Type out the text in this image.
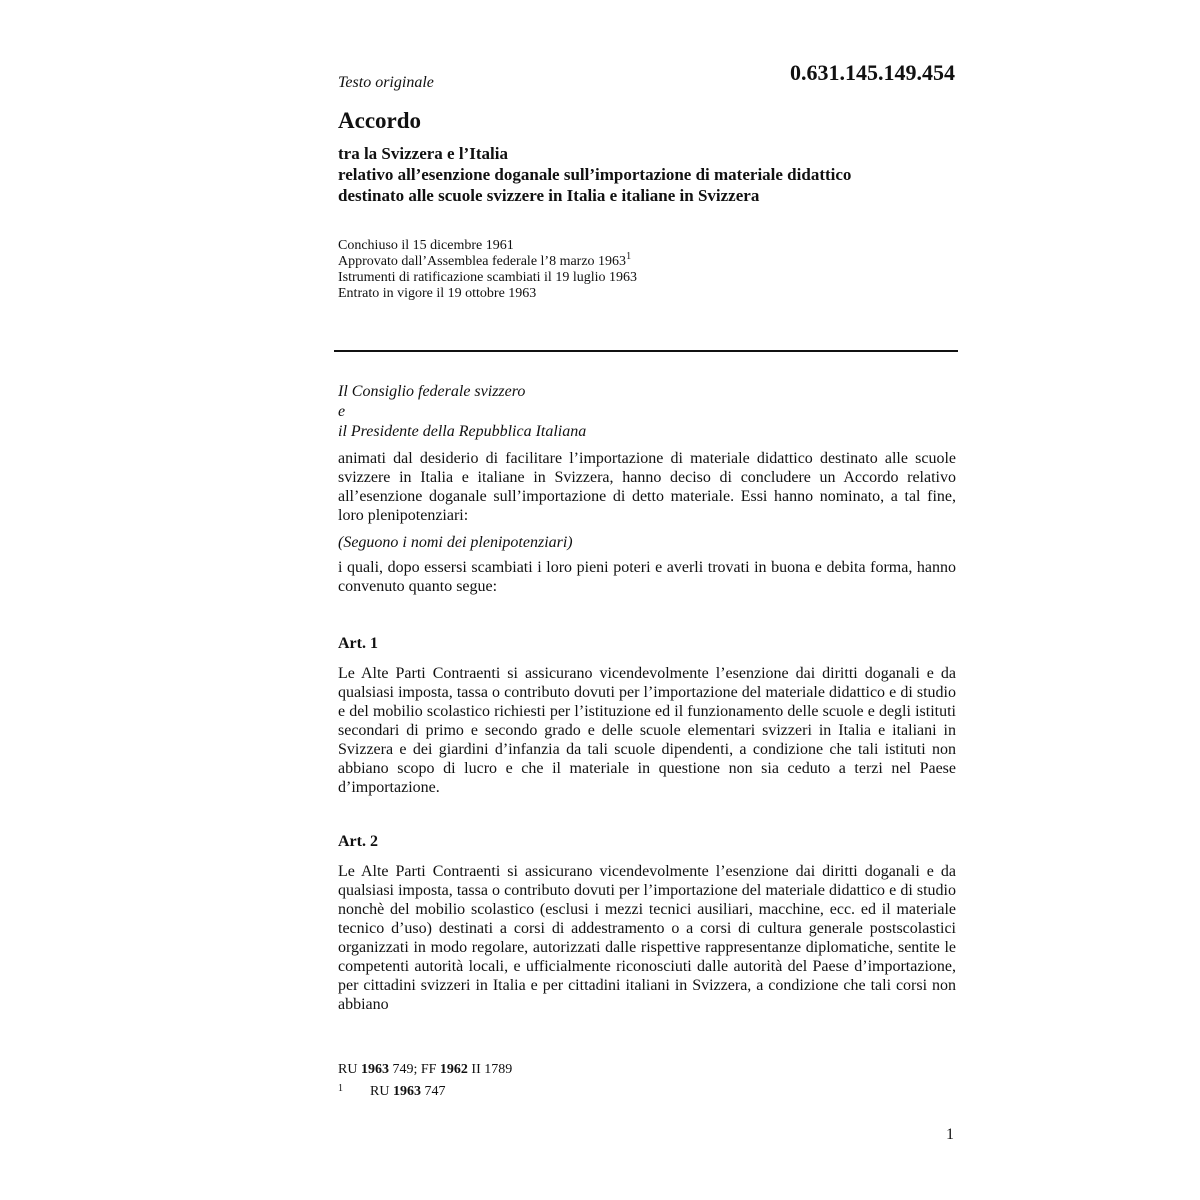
Testo originale	0.631.145.149.454
Accordo
tra la Svizzera e l’Italia
relativo all’esenzione doganale sull’importazione di materiale didattico
destinato alle scuole svizzere in Italia e italiane in Svizzera
Conchiuso il 15 dicembre 1961
Approvato dall’Assemblea federale l’8 marzo 1963$^1$
Istrumenti di ratificazione scambiati il 19 luglio 1963
Entrato in vigore il 19 ottobre 1963
Il Consiglio federale svizzero
e
il Presidente della Repubblica Italiana

animati dal desiderio di facilitare l’importazione di materiale didattico destinato alle scuole svizzere in Italia e italiane in Svizzera, hanno deciso di concludere un Accordo relativo all’esenzione doganale sull’importazione di detto materiale. Essi hanno nominato, a tal fine, loro plenipotenziari:

(Seguono i nomi dei plenipotenziari)

i quali, dopo essersi scambiati i loro pieni poteri e averli trovati in buona e debita forma, hanno convenuto quanto segue:

Art. 1
Le Alte Parti Contraenti si assicurano vicendevolmente l’esenzione dai diritti doganali e da qualsiasi imposta, tassa o contributo dovuti per l’importazione del materiale didattico e di studio e del mobilio scolastico richiesti per l’istituzione ed il funzionamento delle scuole e degli istituti secondari di primo e secondo grado e delle scuole elementari svizzeri in Italia e italiani in Svizzera e dei giardini d’infanzia da tali scuole dipendenti, a condizione che tali istituti non abbiano scopo di lucro e che il materiale in questione non sia ceduto a terzi nel Paese d’importazione.
Art. 2
Le Alte Parti Contraenti si assicurano vicendevolmente l’esenzione dai diritti doganali e da qualsiasi imposta, tassa o contributo dovuti per l’importazione del materiale didattico e di studio nonchè del mobilio scolastico (esclusi i mezzi tecnici ausiliari, macchine, ecc. ed il materiale tecnico d’uso) destinati a corsi di addestramento o a corsi di cultura generale postscolastici organizzati in modo regolare, autorizzati dalle rispettive rappresentanze diplomatiche, sentite le competenti autorità locali, e ufficialmente riconosciuti dalle autorità del Paese d’importazione, per cittadini svizzeri in Italia e per cittadini italiani in Svizzera, a condizione che tali corsi non abbiano
RU 1963 749; FF 1962 II 1789
1 RU 1963 747
1
